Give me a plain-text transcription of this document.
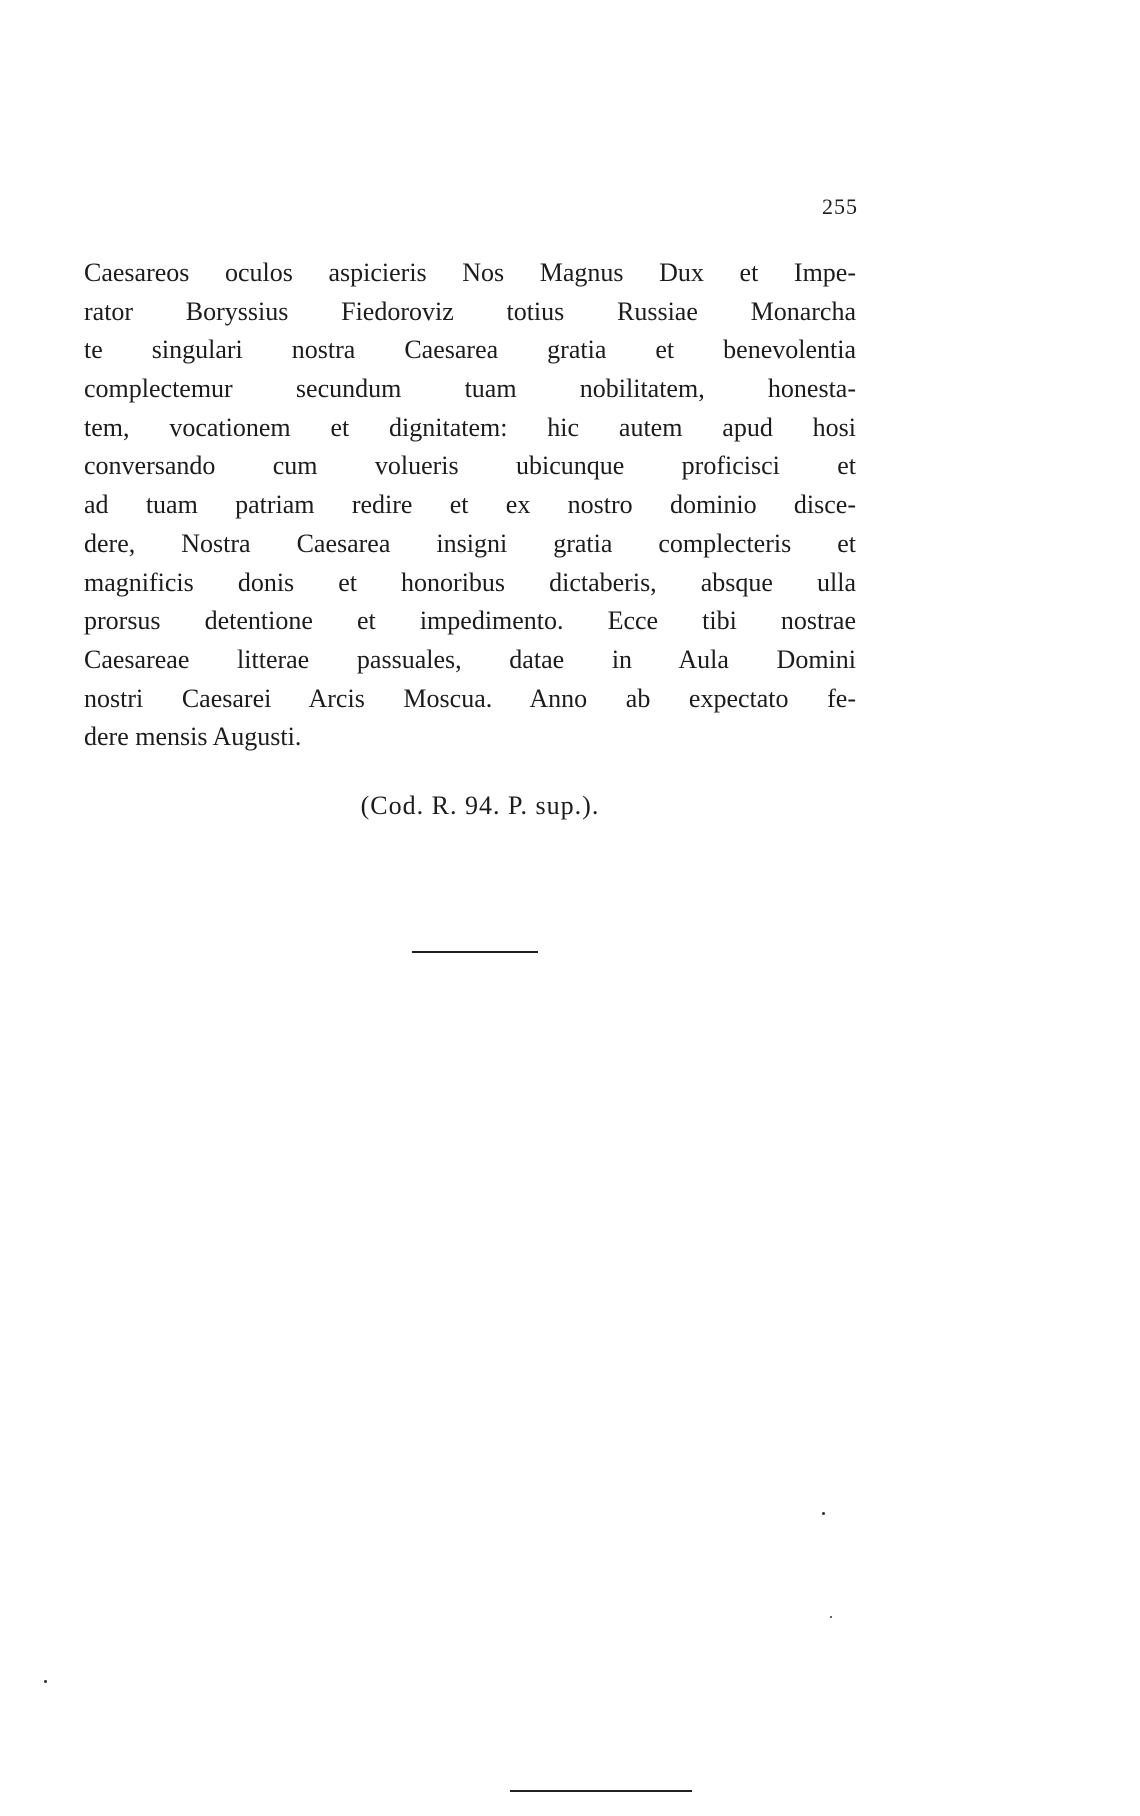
255
Caesareos oculos aspicieris Nos Magnus Dux et Impe-
rator Boryssius Fiedoroviz totius Russiae Monarcha
te singulari nostra Caesarea gratia et benevolentia
complectemur secundum tuam nobilitatem, honesta-
tem, vocationem et dignitatem: hic autem apud hosi
conversando cum volueris ubicunque proficisci et
ad tuam patriam redire et ex nostro dominio disce-
dere, Nostra Caesarea insigni gratia complecteris et
magnificis donis et honoribus dictaberis, absque ulla
prorsus detentione et impedimento. Ecce tibi nostrae
Caesareae litterae passuales, datae in Aula Domini
nostri Caesarei Arcis Moscua. Anno ab expectato fe-
dere mensis Augusti.
(Cod. R. 94. P. sup.).
